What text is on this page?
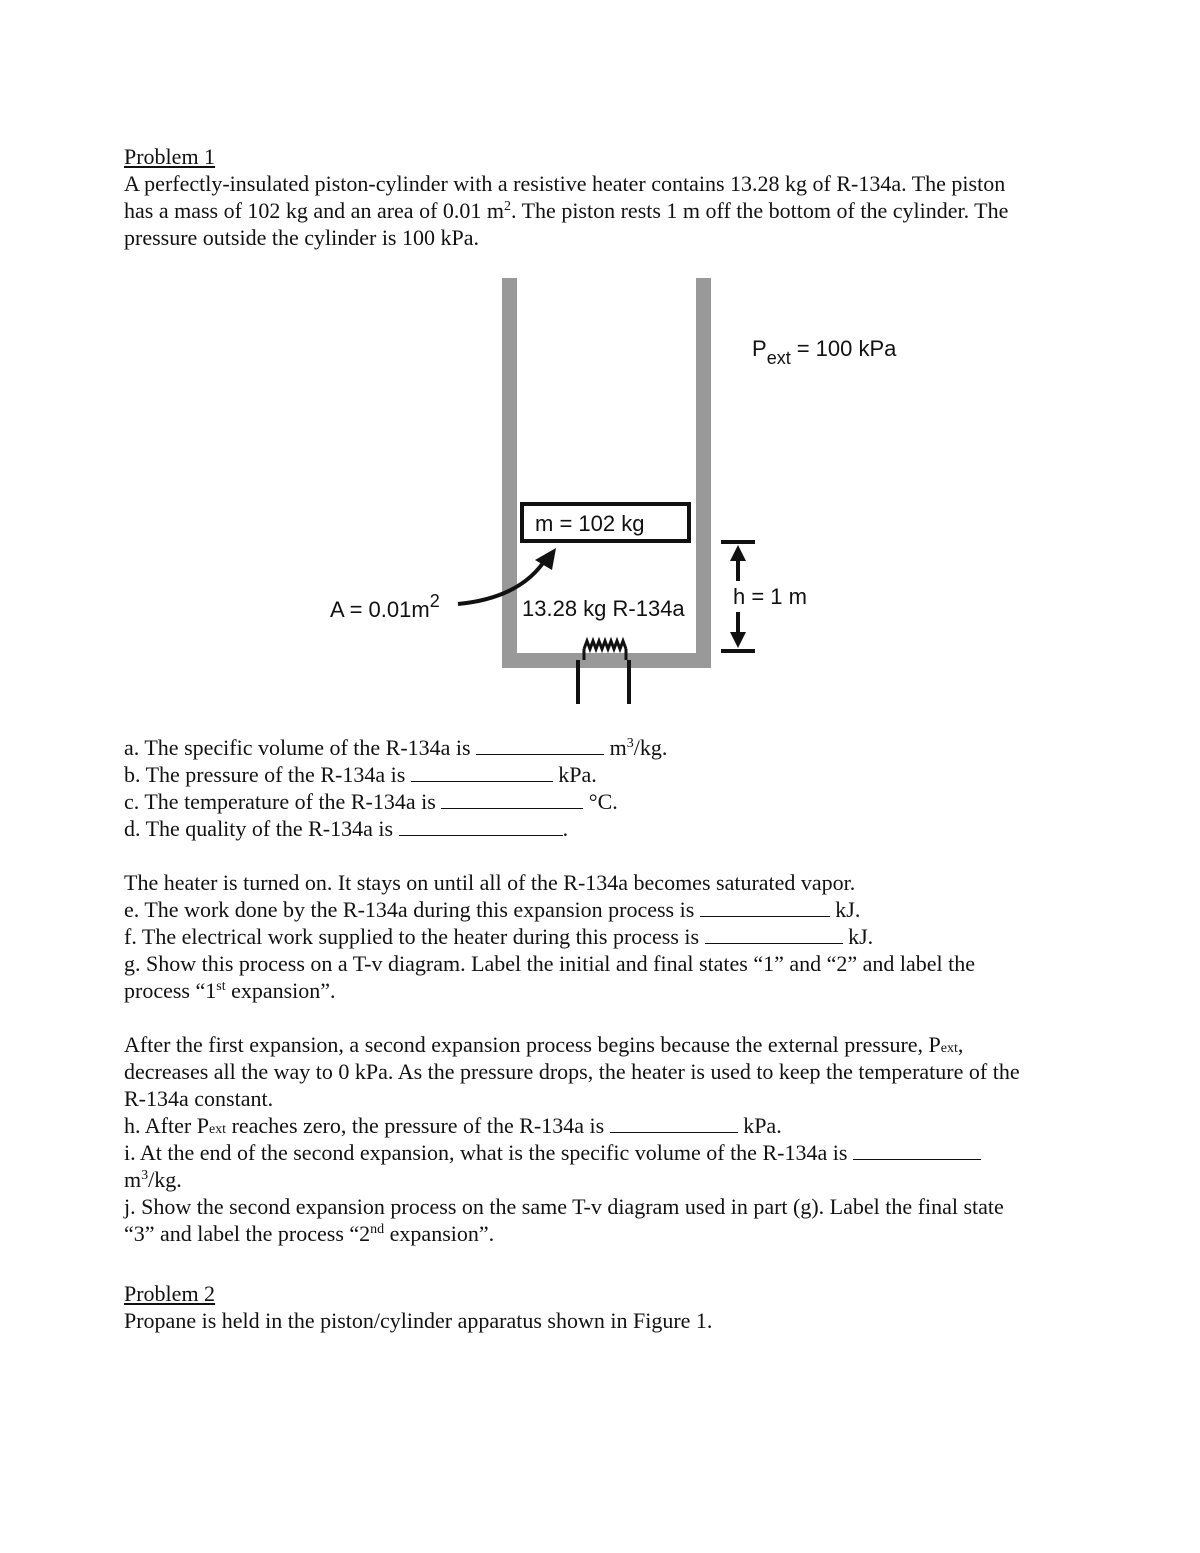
Problem 1

A perfectly-insulated piston-cylinder with a resistive heater contains 13.28 kg of R-134a. The piston

has a mass of 102 kg and an area of 0.01 $m^2$. The piston rests 1 m off the bottom of the cylinder. The

pressure outside the cylinder is 100 kPa.

m = 102 kg
$P_{ext} = 100$ kPa
$A = 0.01m^2$	13.28 kg R-134a h = 1 m

a. The specific volume of the R-134a is	$m^3/kg$.

b. The pressure of the R-134a is	kPa.

c. The temperature of the R-134a is	°C.

d. The quality of the R-134a is	.

The heater is turned on. It stays on until all of the R-134a becomes saturated vapor.

e. The work done by the R-134a during this expansion process is	kJ.

f. The electrical work supplied to the heater during this process is	kJ.

g. Show this process on a T-v diagram. Label the initial and final states “1” and “2” and label the

process “1st expansion”.

After the first expansion, a second expansion process begins because the external pressure, Pext,

decreases all the way to 0 kPa. As the pressure drops, the heater is used to keep the temperature of the

R-134a constant.

h. After Pext reaches zero, the pressure of the R-134a is	kPa.

i. At the end of the second expansion, what is the specific volume of the R-134a is

$m^3/kg$.

j. Show the second expansion process on the same T-v diagram used in part (g). Label the final state

“3” and label the process “2nd expansion”.

Problem 2

Propane is held in the piston/cylinder apparatus shown in Figure 1.
